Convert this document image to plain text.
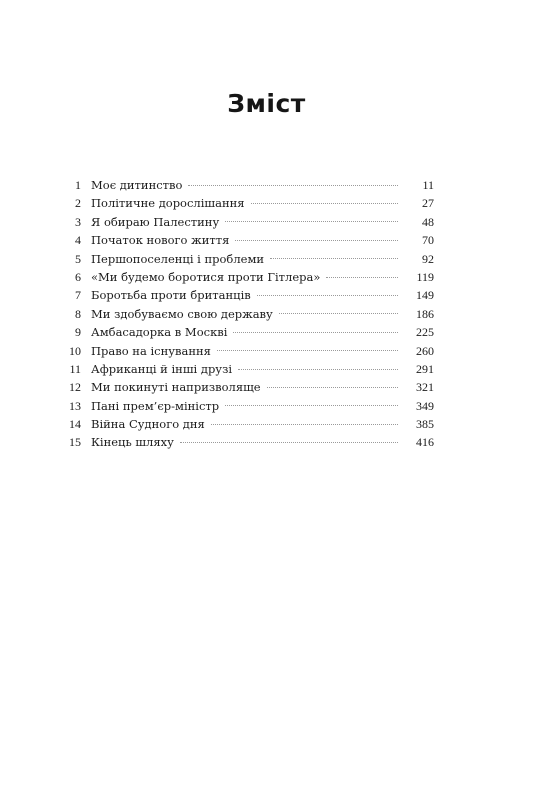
Зміст
1 Моє дитинство	11
2 Політичне дорослішання	27
3 Я обираю Палестину	48
4 Початок нового життя	70
5 Першопоселенці і проблеми	92
6 «Ми будемо боротися проти Гітлера»	119
7 Боротьба проти британців	149
8 Ми здобуваємо свою державу	186
9 Амбасадорка в Москві	225
10 Право на існування	260
11 Африканці й інші друзі	291
12 Ми покинуті напризволяще	321
13 Пані прем’єр-міністр	349
14 Війна Судного дня	385
15 Кінець шляху	416
